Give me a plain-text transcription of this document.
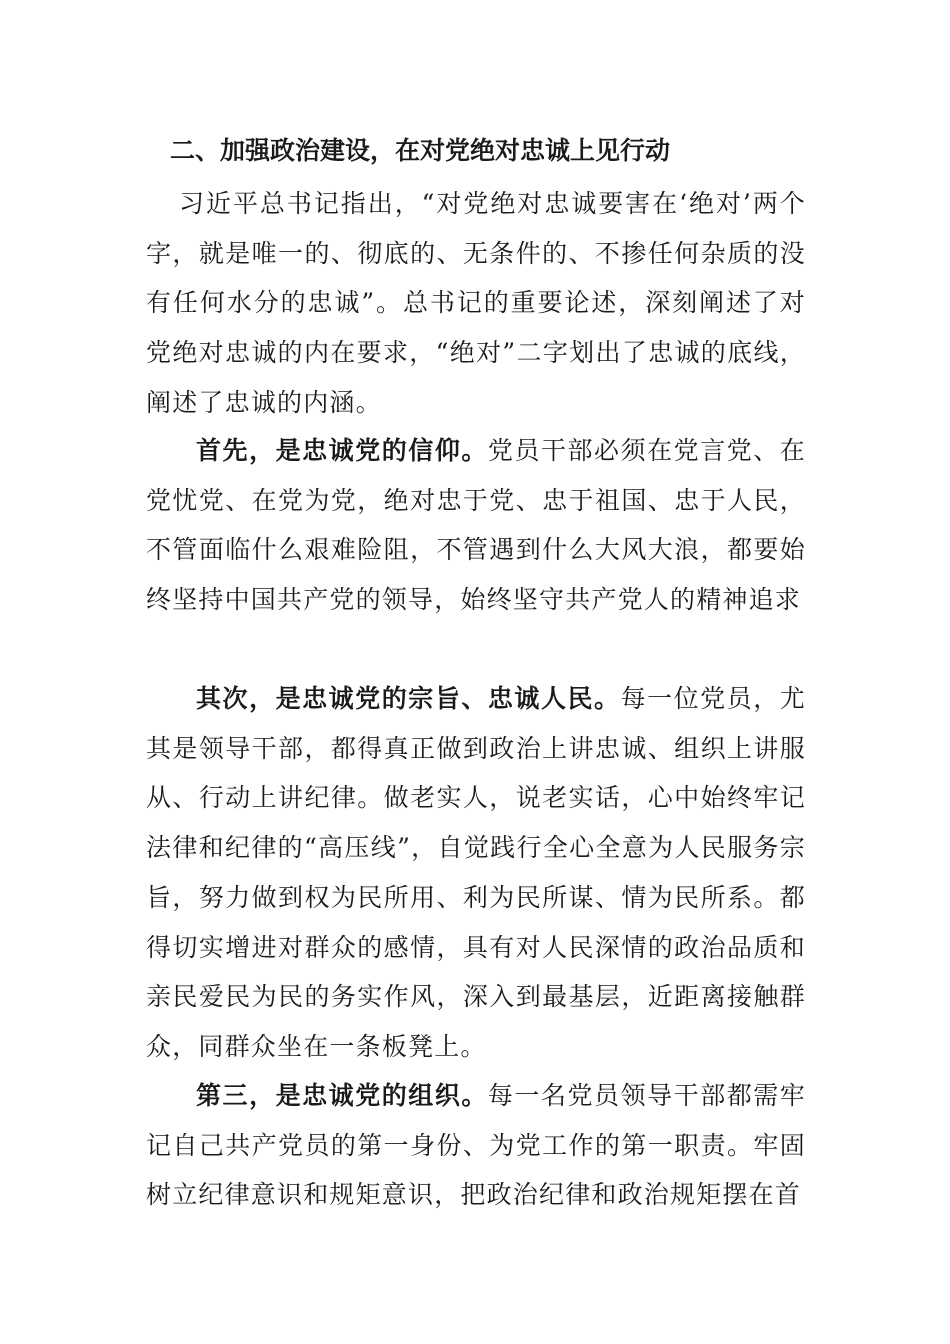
二、加强政治建设，在对党绝对忠诚上见行动

习近平总书记指出，“对党绝对忠诚要害在‘绝对’两个字，就是唯一的、彻底的、无条件的、不掺任何杂质的没有任何水分的忠诚”。总书记的重要论述，深刻阐述了对党绝对忠诚的内在要求，“绝对”二字划出了忠诚的底线，阐述了忠诚的内涵。

首先，是忠诚党的信仰。党员干部必须在党言党、在党忧党、在党为党，绝对忠于党、忠于祖国、忠于人民，不管面临什么艰难险阻，不管遇到什么大风大浪，都要始终坚持中国共产党的领导，始终坚守共产党人的精神追求

其次，是忠诚党的宗旨、忠诚人民。每一位党员，尤其是领导干部，都得真正做到政治上讲忠诚、组织上讲服从、行动上讲纪律。做老实人，说老实话，心中始终牢记法律和纪律的“高压线”，自觉践行全心全意为人民服务宗旨，努力做到权为民所用、利为民所谋、情为民所系。都得切实增进对群众的感情，具有对人民深情的政治品质和亲民爱民为民的务实作风，深入到最基层，近距离接触群众，同群众坐在一条板凳上。

第三，是忠诚党的组织。每一名党员领导干部都需牢记自己共产党员的第一身份、为党工作的第一职责。牢固树立纪律意识和规矩意识，把政治纪律和政治规矩摆在首
